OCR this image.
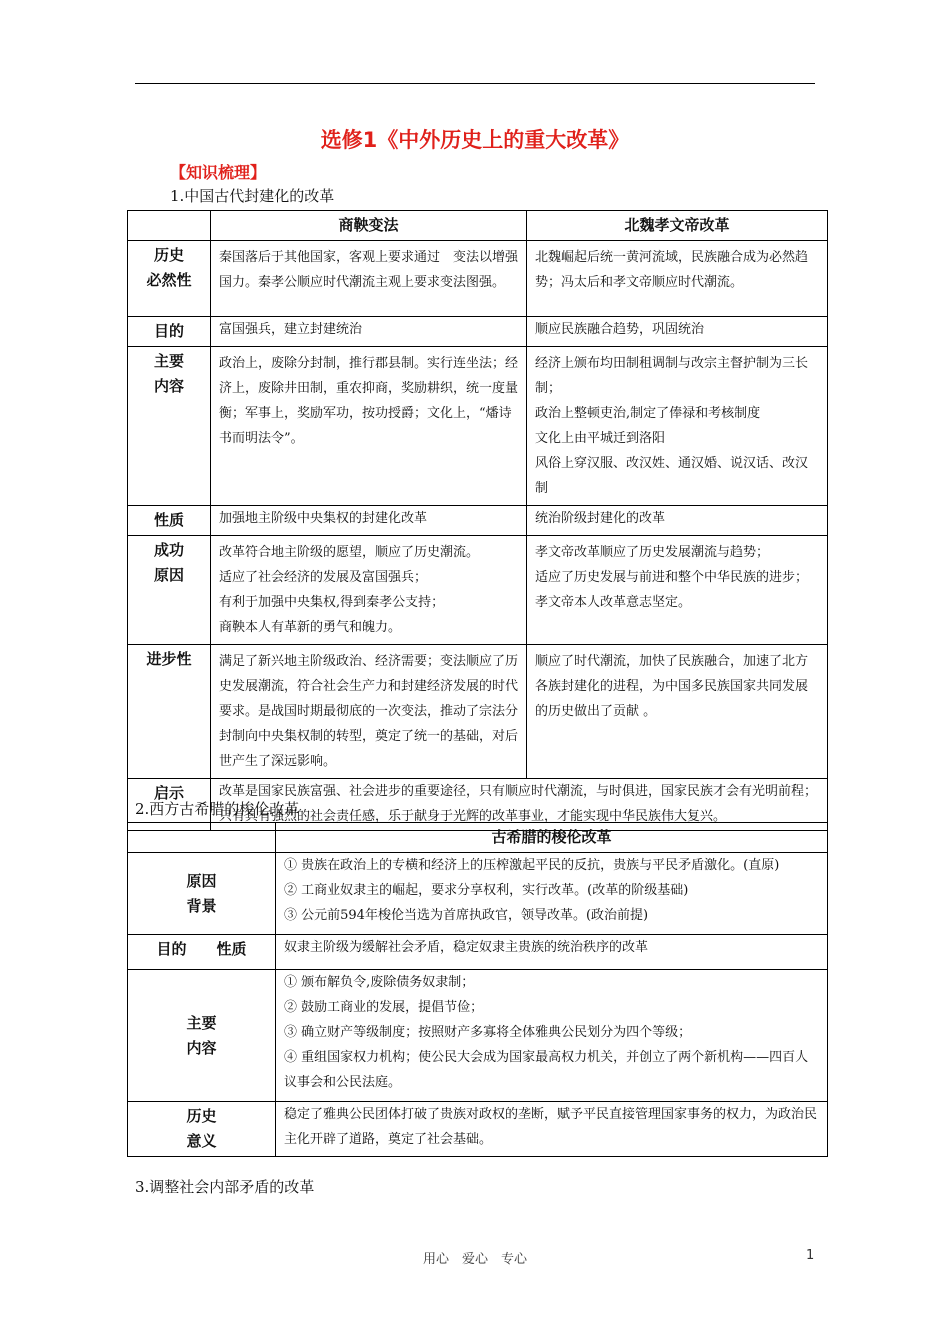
选修1《中外历史上的重大改革》
【知识梳理】
1.中国古代封建化的改革
	商鞅变法	北魏孝文帝改革

历史
必然性	秦国落后于其他国家，客观上要求通过　变法以增强国力。秦孝公顺应时代潮流主观上要求变法图强。	北魏崛起后统一黄河流域，民族融合成为必然趋势；冯太后和孝文帝顺应时代潮流。
目的	富国强兵，建立封建统治	顺应民族融合趋势，巩固统治

主要
内容	政治上，废除分封制，推行郡县制。实行连坐法；经济上，废除井田制，重农抑商，奖励耕织，统一度量衡；军事上，奖励军功，按功授爵；文化上，“燔诗书而明法令”。	经济上颁布均田制租调制与改宗主督护制为三长制；
政治上整顿吏治,制定了俸禄和考核制度
文化上由平城迁到洛阳
风俗上穿汉服、改汉姓、通汉婚、说汉话、改汉制

性质	加强地主阶级中央集权的封建化改革	统治阶级封建化的改革

成功
原因	改革符合地主阶级的愿望，顺应了历史潮流。
适应了社会经济的发展及富国强兵；
有利于加强中央集权,得到秦孝公支持；
商鞅本人有革新的勇气和魄力。	孝文帝改革顺应了历史发展潮流与趋势；
适应了历史发展与前进和整个中华民族的进步；
孝文帝本人改革意志坚定。

进步性	满足了新兴地主阶级政治、经济需要；变法顺应了历史发展潮流，符合社会生产力和封建经济发展的时代要求。是战国时期最彻底的一次变法，推动了宗法分封制向中央集权制的转型，奠定了统一的基础，对后世产生了深远影响。	顺应了时代潮流，加快了民族融合，加速了北方各族封建化的进程，为中国多民族国家共同发展的历史做出了贡献 。
启示	改革是国家民族富强、社会进步的重要途径，只有顺应时代潮流，与时俱进，国家民族才会有光明前程；只有具有强烈的社会责任感，乐于献身于光辉的改革事业，才能实现中华民族伟大复兴。	
2.西方古希腊的梭伦改革
	古希腊的梭伦改革

原因
背景	① 贵族在政治上的专横和经济上的压榨激起平民的反抗，贵族与平民矛盾激化。(直原)
② 工商业奴隶主的崛起，要求分享权利，实行改革。(改革的阶级基础)
③ 公元前594年梭伦当选为首席执政官，领导改革。(政治前提)

目的　　性质	奴隶主阶级为缓解社会矛盾，稳定奴隶主贵族的统治秩序的改革

主要
内容	① 颁布解负令,废除债务奴隶制；
② 鼓励工商业的发展，提倡节俭；
③ 确立财产等级制度；按照财产多寡将全体雅典公民划分为四个等级；
④ 重组国家权力机构；使公民大会成为国家最高权力机关，并创立了两个新机构——四百人议事会和公民法庭。

历史
意义	稳定了雅典公民团体打破了贵族对政权的垄断，赋予平民直接管理国家事务的权力，为政治民主化开辟了道路，奠定了社会基础。
3.调整社会内部矛盾的改革
用心　爱心　专心	1
